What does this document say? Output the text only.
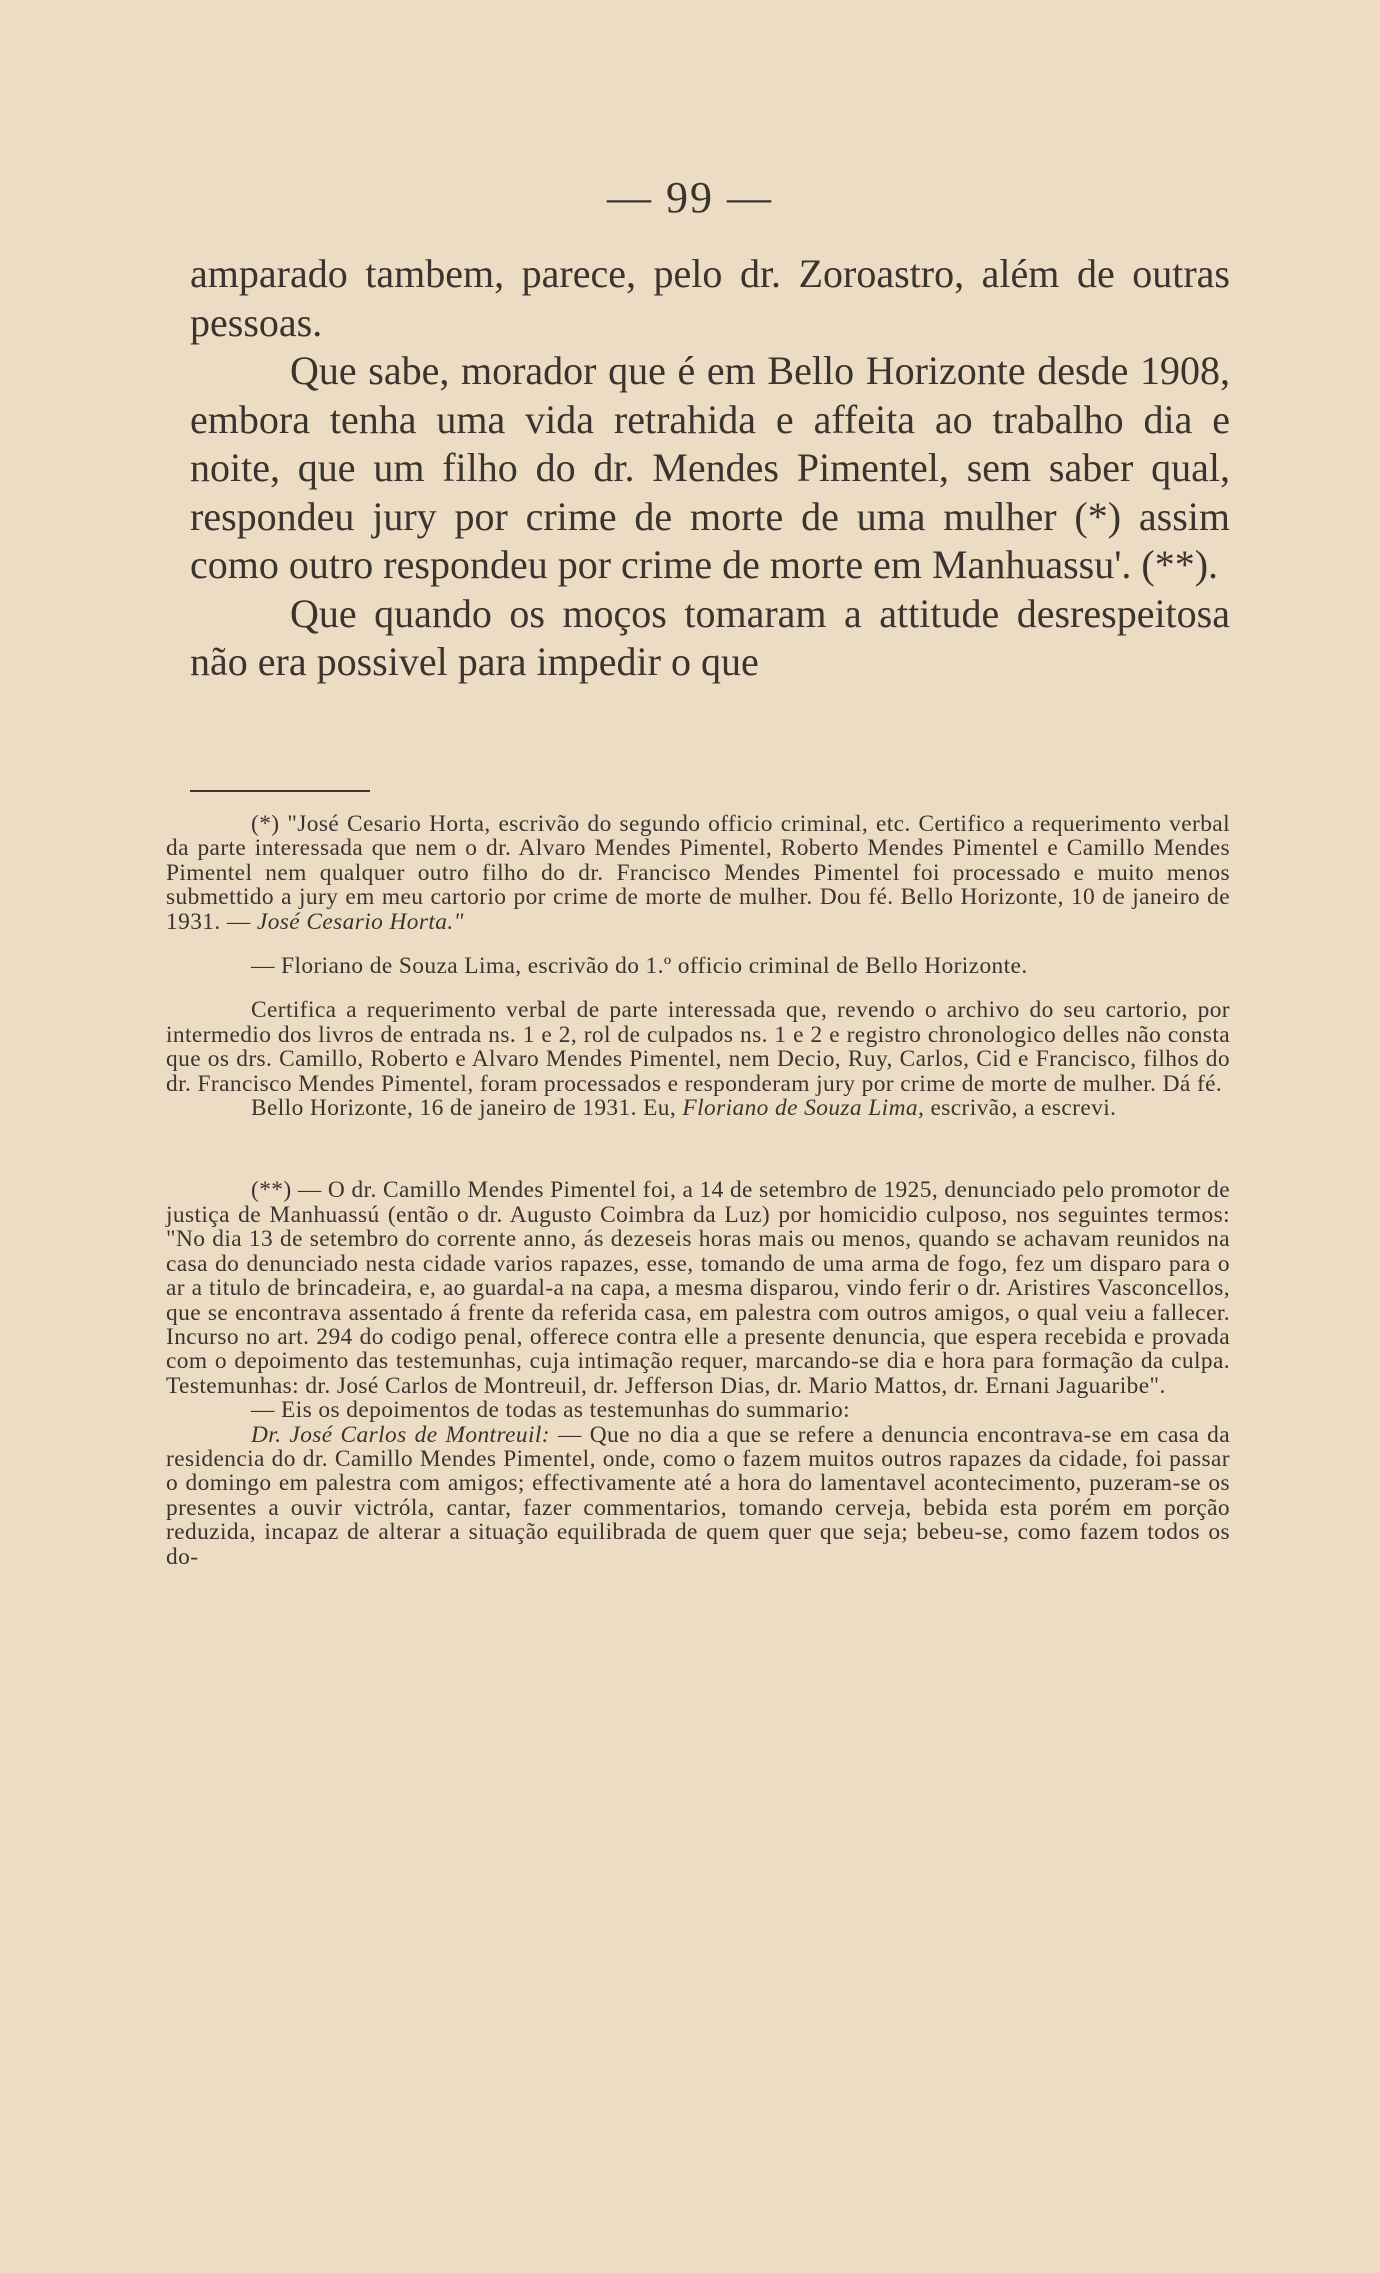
— 99 —

amparado tambem, parece, pelo dr. Zoroastro, além de outras pessoas.

Que sabe, morador que é em Bello Horizonte desde 1908, embora tenha uma vida retrahida e affeita ao trabalho dia e noite, que um filho do dr. Mendes Pimentel, sem saber qual, respondeu jury por crime de morte de uma mulher (*) assim como outro respondeu por crime de morte em Manhuassu'. (**).

Que quando os moços tomaram a attitude desrespeitosa não era possivel para impedir o que

(*) "José Cesario Horta, escrivão do segundo officio criminal, etc. Certifico a requerimento verbal da parte interessada que nem o dr. Alvaro Mendes Pimentel, Roberto Mendes Pimentel e Camillo Mendes Pimentel nem qualquer outro filho do dr. Francisco Mendes Pimentel foi processado e muito menos submettido a jury em meu cartorio por crime de morte de mulher. Dou fé. Bello Horizonte, 10 de janeiro de 1931. — José Cesario Horta."

— Floriano de Souza Lima, escrivão do 1.º officio criminal de Bello Horizonte.

Certifica a requerimento verbal de parte interessada que, revendo o archivo do seu cartorio, por intermedio dos livros de entrada ns. 1 e 2, rol de culpados ns. 1 e 2 e registro chronologico delles não consta que os drs. Camillo, Roberto e Alvaro Mendes Pimentel, nem Decio, Ruy, Carlos, Cid e Francisco, filhos do dr. Francisco Mendes Pimentel, foram processados e responderam jury por crime de morte de mulher. Dá fé.

Bello Horizonte, 16 de janeiro de 1931. Eu, Floriano de Souza Lima, escrivão, a escrevi.

(**) — O dr. Camillo Mendes Pimentel foi, a 14 de setembro de 1925, denunciado pelo promotor de justiça de Manhuassú (então o dr. Augusto Coimbra da Luz) por homicidio culposo, nos seguintes termos: "No dia 13 de setembro do corrente anno, ás dezeseis horas mais ou menos, quando se achavam reunidos na casa do denunciado nesta cidade varios rapazes, esse, tomando de uma arma de fogo, fez um disparo para o ar a titulo de brincadeira, e, ao guardal-a na capa, a mesma disparou, vindo ferir o dr. Aristires Vasconcellos, que se encontrava assentado á frente da referida casa, em palestra com outros amigos, o qual veiu a fallecer. Incurso no art. 294 do codigo penal, offerece contra elle a presente denuncia, que espera recebida e provada com o depoimento das testemunhas, cuja intimação requer, marcando-se dia e hora para formação da culpa. Testemunhas: dr. José Carlos de Montreuil, dr. Jefferson Dias, dr. Mario Mattos, dr. Ernani Jaguaribe".

— Eis os depoimentos de todas as testemunhas do summario:

Dr. José Carlos de Montreuil: — Que no dia a que se refere a denuncia encontrava-se em casa da residencia do dr. Camillo Mendes Pimentel, onde, como o fazem muitos outros rapazes da cidade, foi passar o domingo em palestra com amigos; effectivamente até a hora do lamentavel acontecimento, puzeram-se os presentes a ouvir victróla, cantar, fazer commentarios, tomando cerveja, bebida esta porém em porção reduzida, incapaz de alterar a situação equilibrada de quem quer que seja; bebeu-se, como fazem todos os do-
